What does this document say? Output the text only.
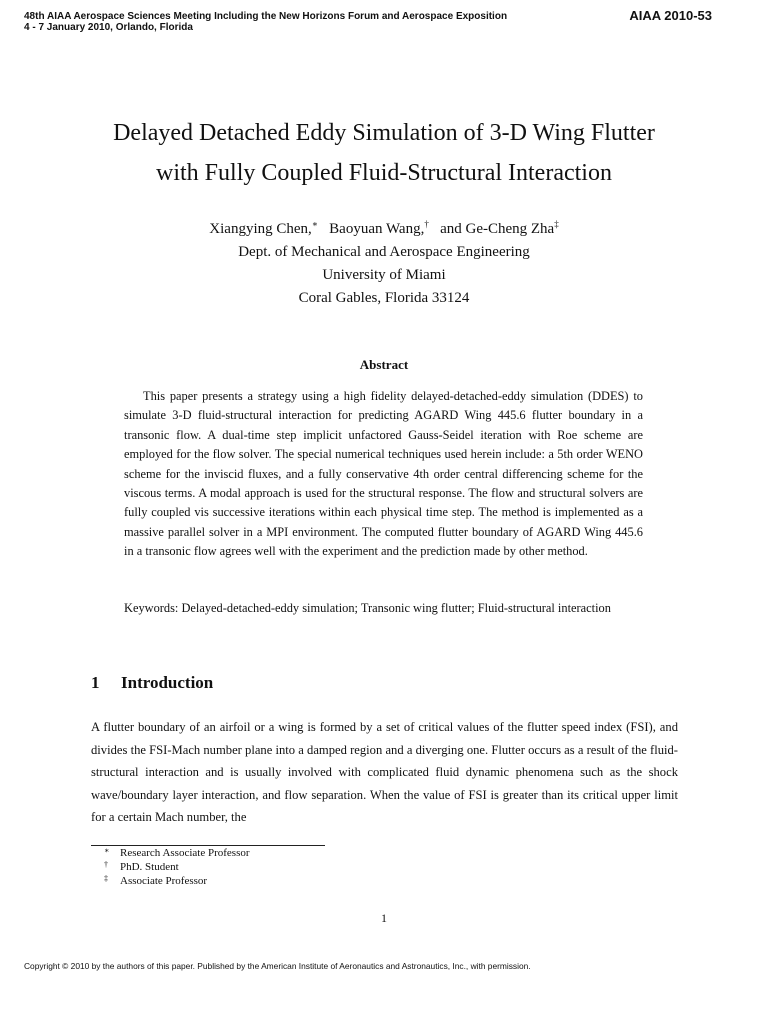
48th AIAA Aerospace Sciences Meeting Including the New Horizons Forum and Aerospace Exposition
4 - 7 January 2010, Orlando, Florida
AIAA 2010-53
Delayed Detached Eddy Simulation of 3-D Wing Flutter
with Fully Coupled Fluid-Structural Interaction
Xiangying Chen,∗ Baoyuan Wang,† and Ge-Cheng Zha‡
Dept. of Mechanical and Aerospace Engineering
University of Miami
Coral Gables, Florida 33124
Abstract
This paper presents a strategy using a high fidelity delayed-detached-eddy simulation (DDES) to simulate 3-D fluid-structural interaction for predicting AGARD Wing 445.6 flutter boundary in a transonic flow. A dual-time step implicit unfactored Gauss-Seidel iteration with Roe scheme are employed for the flow solver. The special numerical techniques used herein include: a 5th order WENO scheme for the inviscid fluxes, and a fully conservative 4th order central differencing scheme for the viscous terms. A modal approach is used for the structural response. The flow and structural solvers are fully coupled vis successive iterations within each physical time step. The method is implemented as a massive parallel solver in a MPI environment. The computed flutter boundary of AGARD Wing 445.6 in a transonic flow agrees well with the experiment and the prediction made by other method.
Keywords: Delayed-detached-eddy simulation; Transonic wing flutter; Fluid-structural interaction
1 Introduction
A flutter boundary of an airfoil or a wing is formed by a set of critical values of the flutter speed index (FSI), and divides the FSI-Mach number plane into a damped region and a diverging one. Flutter occurs as a result of the fluid-structural interaction and is usually involved with complicated fluid dynamic phenomena such as the shock wave/boundary layer interaction, and flow separation. When the value of FSI is greater than its critical upper limit for a certain Mach number, the
∗ Research Associate Professor
† PhD. Student
‡ Associate Professor
1
Copyright © 2010 by the authors of this paper. Published by the American Institute of Aeronautics and Astronautics, Inc., with permission.
